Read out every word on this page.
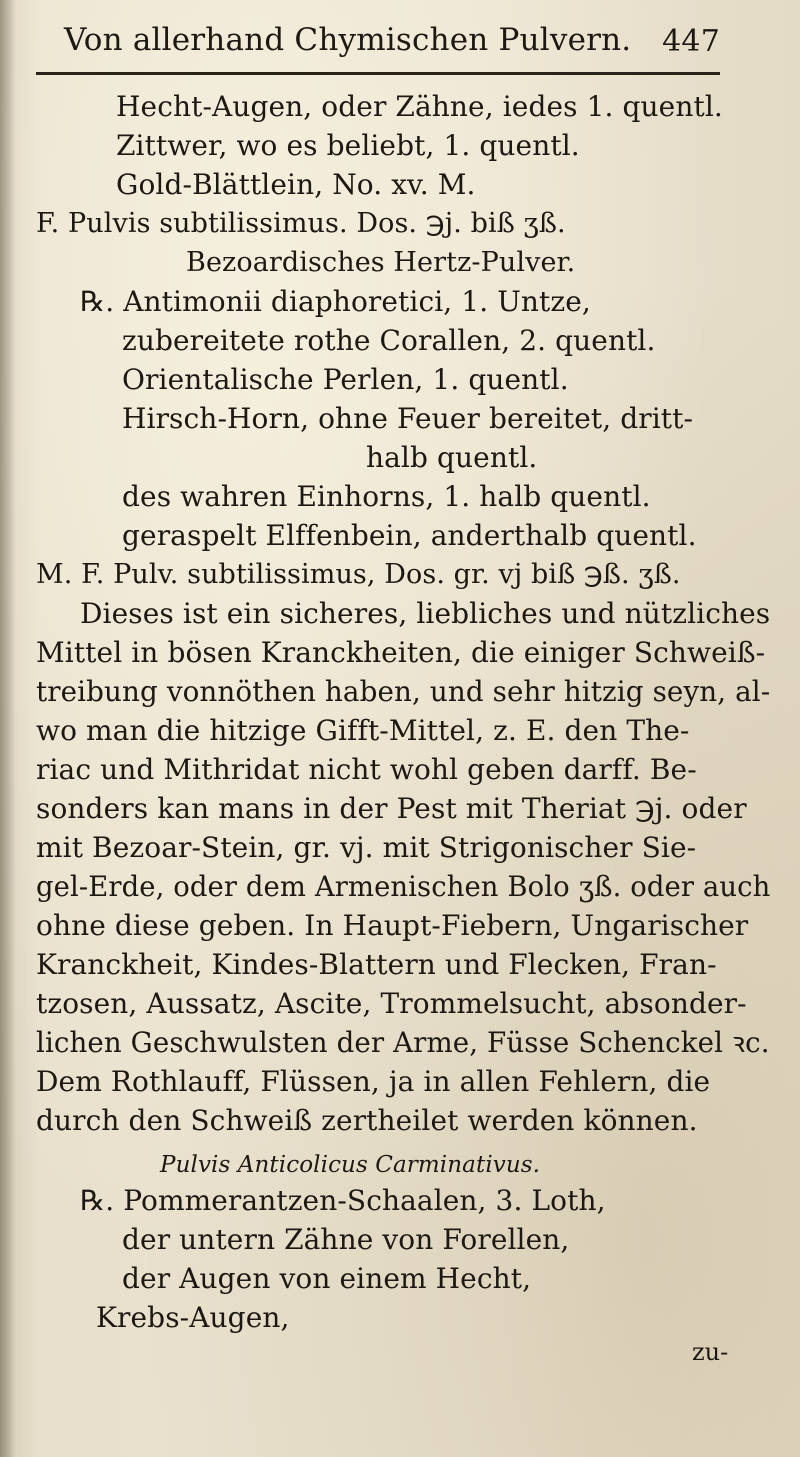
Von allerhand Chymischen Pulvern. 447
Hecht-Augen, oder Zähne, iedes 1. quentl.
Zittwer, wo es beliebt, 1. quentl.
Gold-Blättlein, No. xv. M.
F. Pulvis subtilissimus. Dos. ℈j. biß ʒß.
Bezoardisches Hertz-Pulver.
℞. Antimonii diaphoretici, 1. Untze,
zubereitete rothe Corallen, 2. quentl.
Orientalische Perlen, 1. quentl.
Hirsch-Horn, ohne Feuer bereitet, dritt-
halb quentl.
des wahren Einhorns, 1. halb quentl.
geraspelt Elffenbein, anderthalb quentl.
M. F. Pulv. subtilissimus, Dos. gr. vj biß ℈ß. ʒß.
Dieses ist ein sicheres, liebliches und nützliches
Mittel in bösen Kranckheiten, die einiger Schweiß-
treibung vonnöthen haben, und sehr hitzig seyn, al-
wo man die hitzige Gifft-Mittel, z. E. den The-
riac und Mithridat nicht wohl geben darff. Be-
sonders kan mans in der Pest mit Theriat ℈j. oder
mit Bezoar-Stein, gr. vj. mit Strigonischer Sie-
gel-Erde, oder dem Armenischen Bolo ʒß. oder auch
ohne diese geben. In Haupt-Fiebern, Ungarischer
Kranckheit, Kindes-Blattern und Flecken, Fran-
tzosen, Aussatz, Ascite, Trommelsucht, absonder-
lichen Geschwulsten der Arme, Füsse Schenckel ꝛc.
Dem Rothlauff, Flüssen, ja in allen Fehlern, die
durch den Schweiß zertheilet werden können.
Pulvis Anticolicus Carminativus.
℞. Pommerantzen-Schaalen, 3. Loth,
der untern Zähne von Forellen,
der Augen von einem Hecht,
Krebs-Augen,
zu-
